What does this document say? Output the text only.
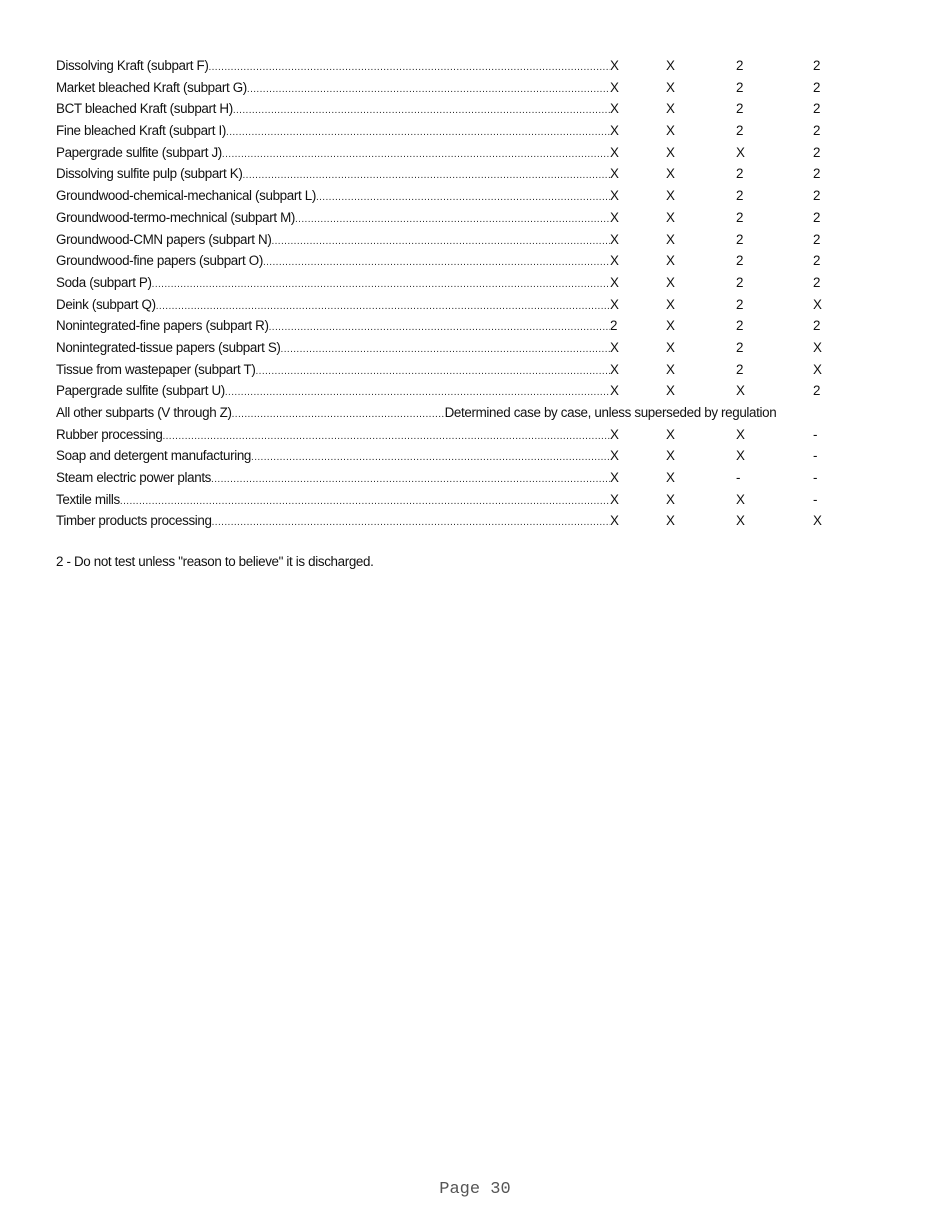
Dissolving Kraft (subpart F) .....	X	X	2	2
Market bleached Kraft (subpart G) .....	X	X	2	2
BCT bleached Kraft (subpart H) .....	X	X	2	2
Fine bleached Kraft (subpart I) .....	X	X	2	2
Papergrade sulfite (subpart J) .....	X	X	X	2
Dissolving sulfite pulp (subpart K) .....	X	X	2	2
Groundwood-chemical-mechanical (subpart L) .....	X	X	2	2
Groundwood-termo-mechnical (subpart M) .....	X	X	2	2
Groundwood-CMN papers (subpart N) .....	X	X	2	2
Groundwood-fine papers (subpart O) .....	X	X	2	2
Soda (subpart P) .....	X	X	2	2
Deink (subpart Q) .....	X	X	2	X
Nonintegrated-fine papers (subpart R) .....	2	X	2	2
Nonintegrated-tissue papers (subpart S) .....	X	X	2	X
Tissue from wastepaper (subpart T) .....	X	X	2	X
Papergrade sulfite (subpart U) .....	X	X	X	2
All other subparts (V through Z) .....	Determined case by case, unless superseded by regulation
Rubber processing .....	X	X	X	-
Soap and detergent manufacturing .....	X	X	X	-
Steam electric power plants .....	X	X	-	-
Textile mills .....	X	X	X	-
Timber products processing .....	X	X	X	X
2 - Do not test unless "reason to believe" it is discharged.
Page 30
